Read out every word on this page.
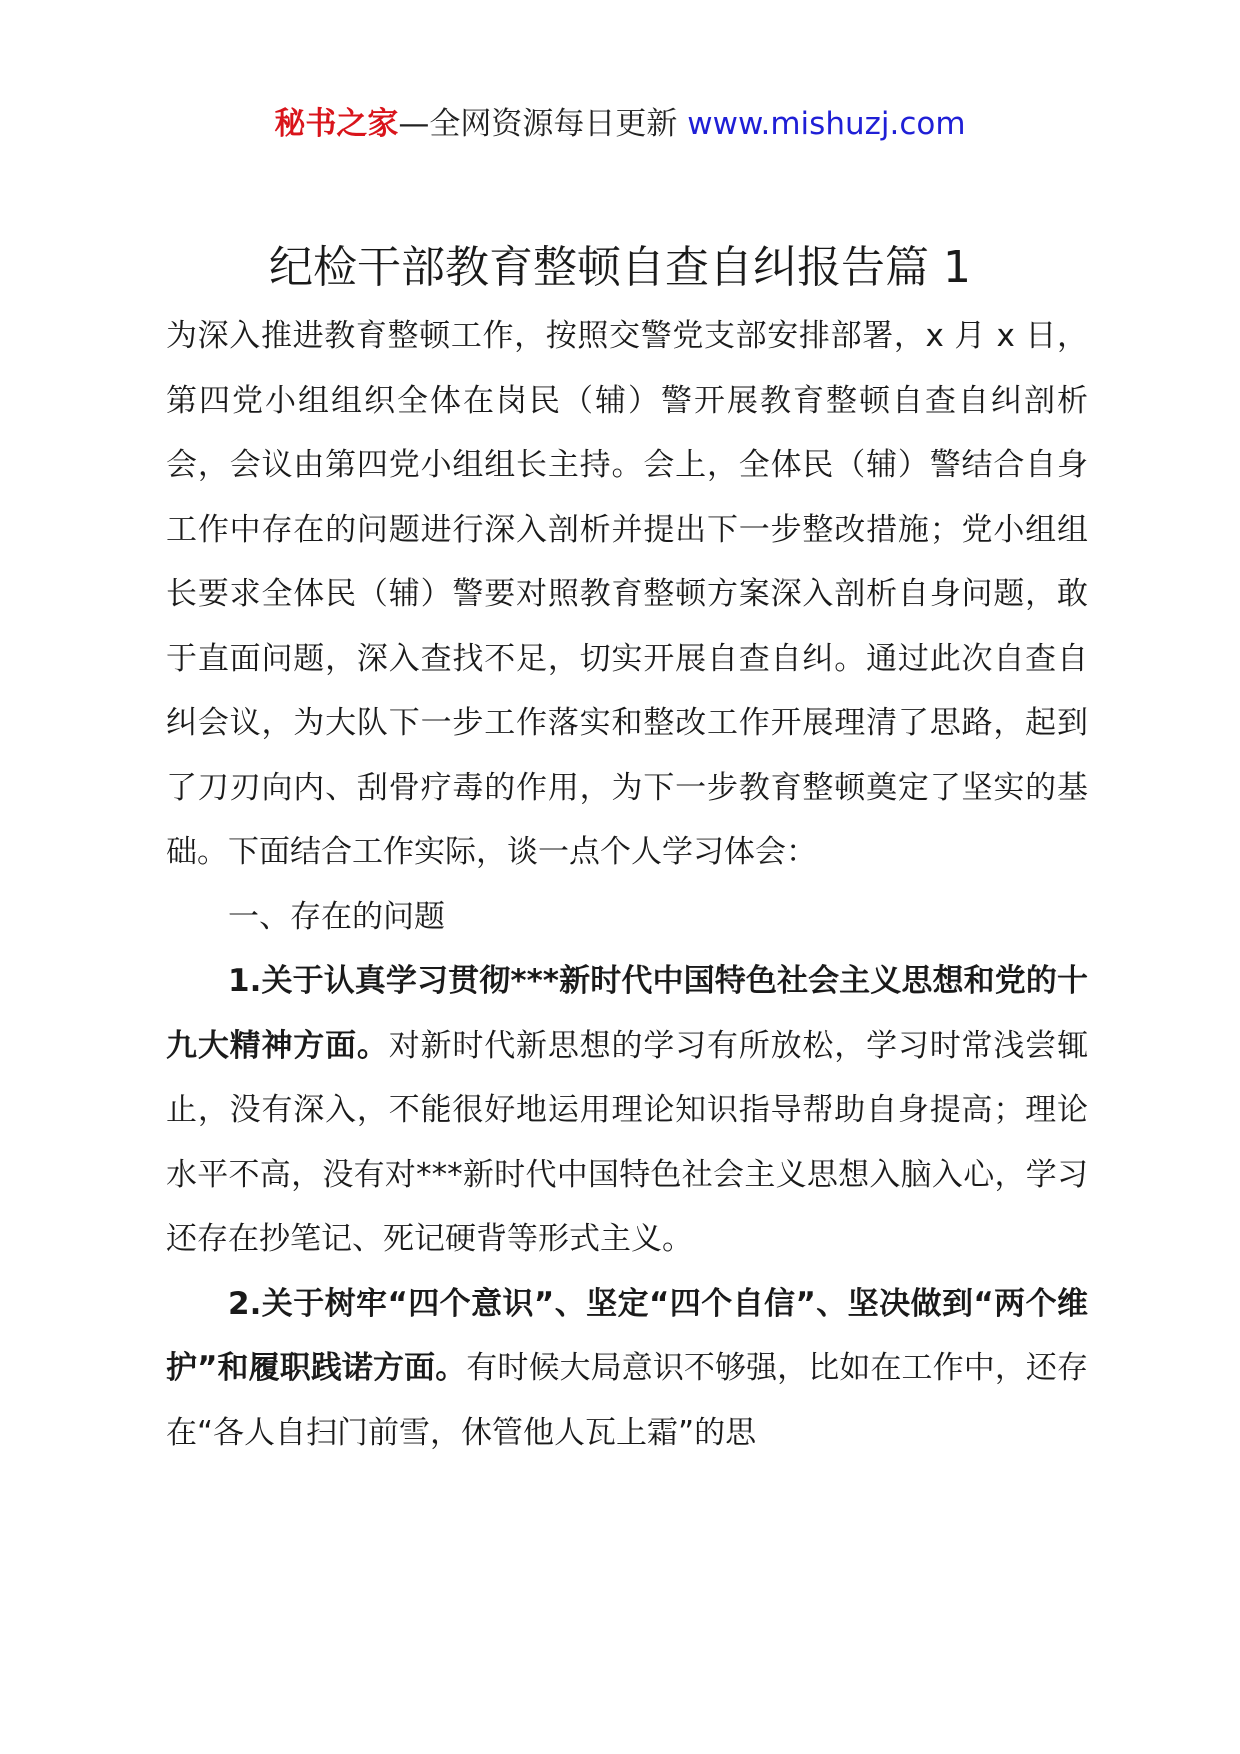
秘书之家—全网资源每日更新 www.mishuzj.com
纪检干部教育整顿自查自纠报告篇 1

为深入推进教育整顿工作，按照交警党支部安排部署，x 月 x 日，第四党小组组织全体在岗民（辅）警开展教育整顿自查自纠剖析会，会议由第四党小组组长主持。会上，全体民（辅）警结合自身工作中存在的问题进行深入剖析并提出下一步整改措施；党小组组长要求全体民（辅）警要对照教育整顿方案深入剖析自身问题，敢于直面问题，深入查找不足，切实开展自查自纠。通过此次自查自纠会议，为大队下一步工作落实和整改工作开展理清了思路，起到了刀刃向内、刮骨疗毒的作用，为下一步教育整顿奠定了坚实的基础。下面结合工作实际，谈一点个人学习体会：

一、存在的问题

1.关于认真学习贯彻***新时代中国特色社会主义思想和党的十九大精神方面。对新时代新思想的学习有所放松，学习时常浅尝辄止，没有深入，不能很好地运用理论知识指导帮助自身提高；理论水平不高，没有对***新时代中国特色社会主义思想入脑入心，学习还存在抄笔记、死记硬背等形式主义。

2.关于树牢“四个意识”、坚定“四个自信”、坚决做到“两个维护”和履职践诺方面。有时候大局意识不够强，比如在工作中，还存在“各人自扫门前雪，休管他人瓦上霜”的思
